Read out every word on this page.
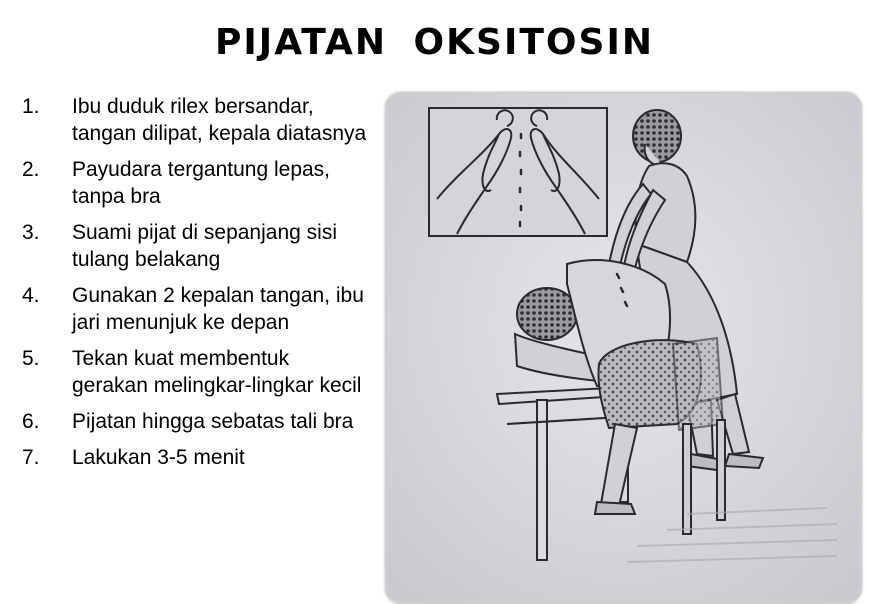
PIJATAN OKSITOSIN
1.	Ibu duduk rilex bersandar, tangan dilipat, kepala diatasnya
2.	Payudara tergantung lepas, tanpa bra
3.	Suami pijat di sepanjang sisi tulang belakang
4.	Gunakan 2 kepalan tangan, ibu jari menunjuk ke depan
5.	Tekan kuat membentuk gerakan melingkar-lingkar kecil
6.	Pijatan hingga sebatas tali bra
7.	Lakukan 3-5 menit
